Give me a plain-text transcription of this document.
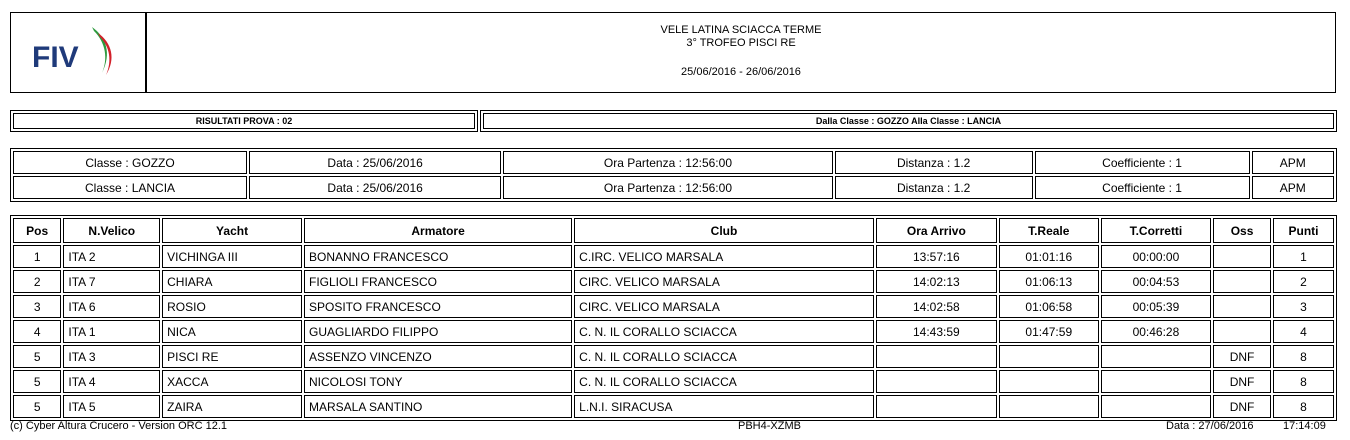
FIV
VELE LATINA SCIACCA TERME
3° TROFEO PISCI RE
25/06/2016 - 26/06/2016
RISULTATI PROVA : 02	Dalla Classe : GOZZO Alla Classe : LANCIA
Classe : GOZZO	Data : 25/06/2016	Ora Partenza : 12:56:00	Distanza : 1.2	Coefficiente : 1	APM
Classe : LANCIA	Data : 25/06/2016	Ora Partenza : 12:56:00	Distanza : 1.2	Coefficiente : 1	APM
Pos	N.Velico	Yacht	Armatore	Club	Ora Arrivo	T.Reale	T.Corretti	Oss	Punti
1	ITA 2	VICHINGA III	BONANNO FRANCESCO	C.IRC. VELICO MARSALA	13:57:16	01:01:16	00:00:00		1
2	ITA 7	CHIARA	FIGLIOLI FRANCESCO	CIRC. VELICO MARSALA	14:02:13	01:06:13	00:04:53		2
3	ITA 6	ROSIO	SPOSITO FRANCESCO	CIRC. VELICO MARSALA	14:02:58	01:06:58	00:05:39		3
4	ITA 1	NICA	GUAGLIARDO FILIPPO	C. N. IL CORALLO SCIACCA	14:43:59	01:47:59	00:46:28		4
5	ITA 3	PISCI RE	ASSENZO VINCENZO	C. N. IL CORALLO SCIACCA				DNF	8
5	ITA 4	XACCA	NICOLOSI TONY	C. N. IL CORALLO SCIACCA				DNF	8
5	ITA 5	ZAIRA	MARSALA SANTINO	L.N.I. SIRACUSA				DNF	8
(c) Cyber Altura Crucero - Version ORC 12.1	PBH4-XZMB	Data : 27/06/2016	17:14:09
